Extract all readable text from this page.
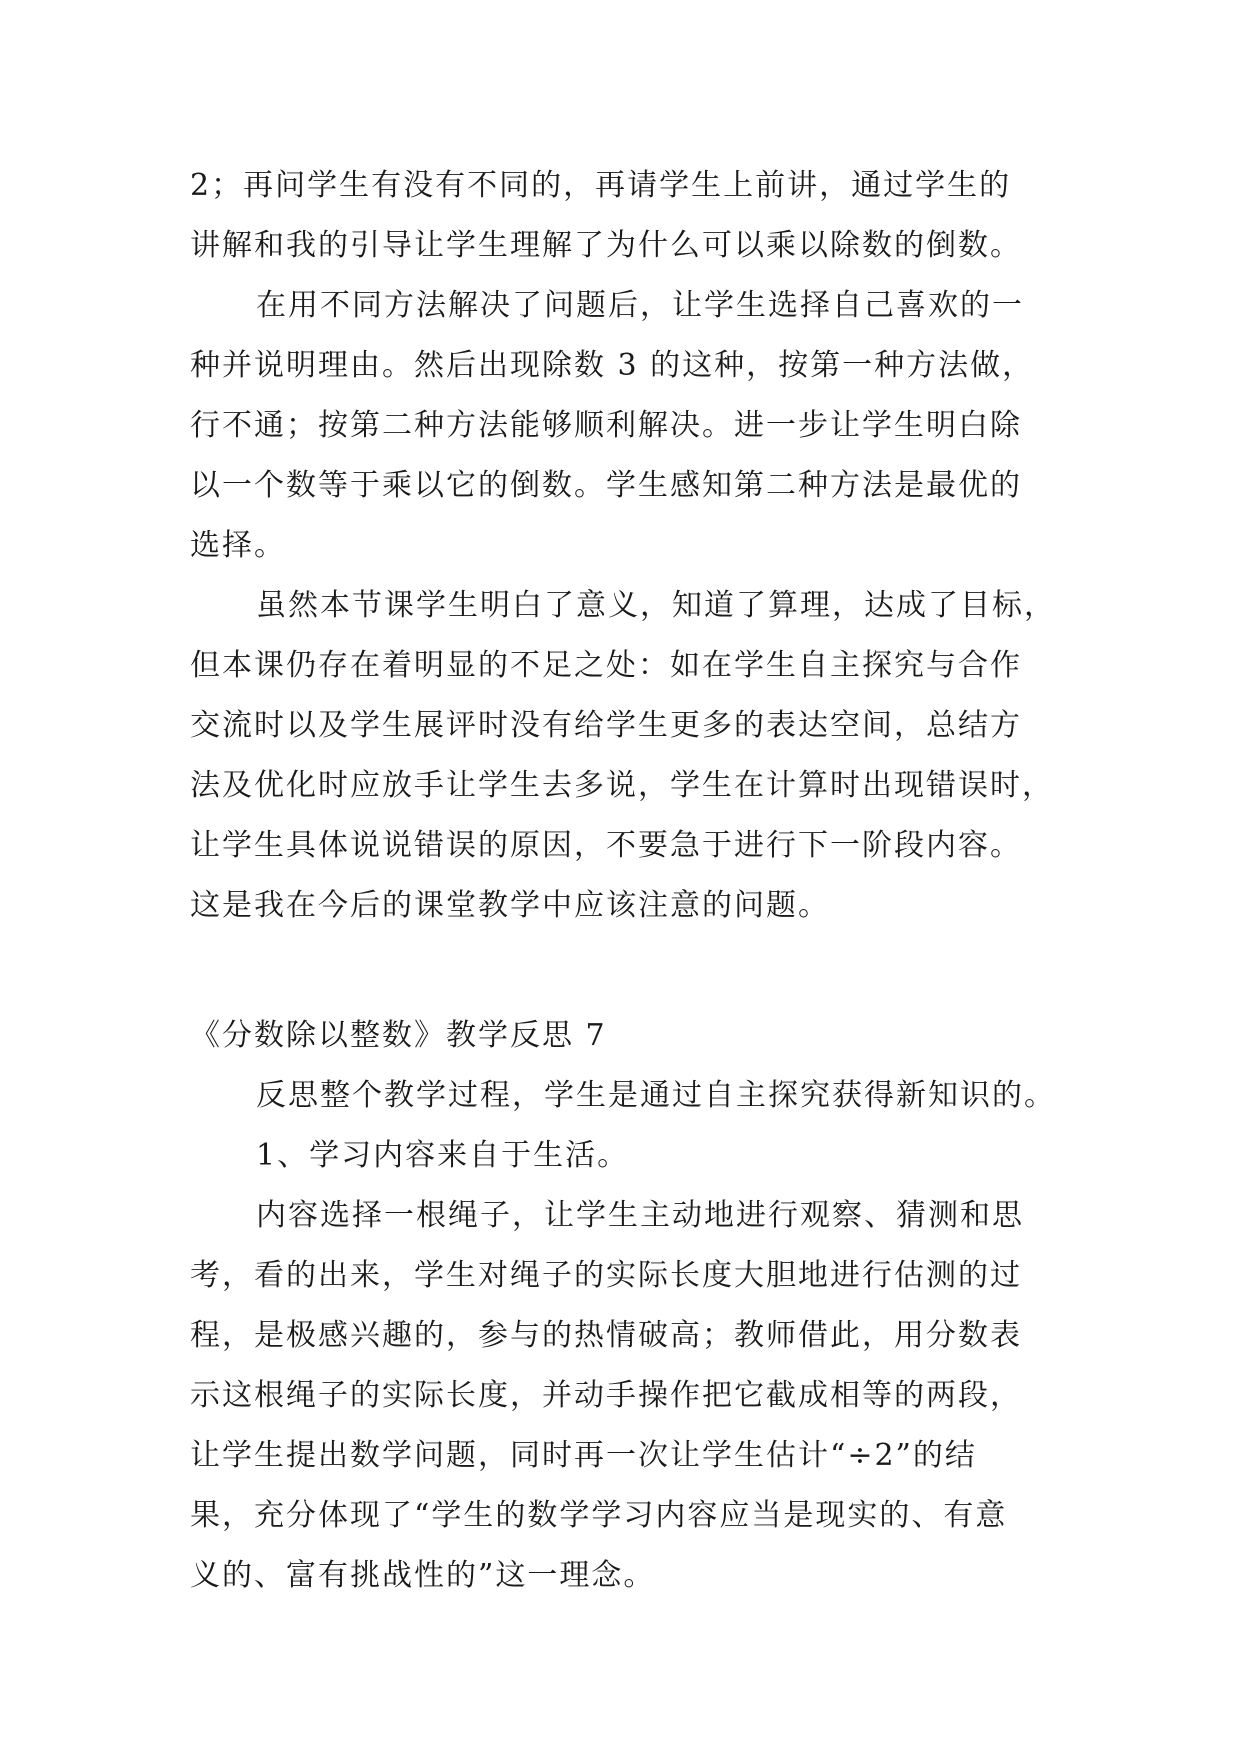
2；再问学生有没有不同的，再请学生上前讲，通过学生的
讲解和我的引导让学生理解了为什么可以乘以除数的倒数。
在用不同方法解决了问题后，让学生选择自己喜欢的一
种并说明理由。然后出现除数 3 的这种，按第一种方法做，
行不通；按第二种方法能够顺利解决。进一步让学生明白除
以一个数等于乘以它的倒数。学生感知第二种方法是最优的
选择。
虽然本节课学生明白了意义，知道了算理，达成了目标，
但本课仍存在着明显的不足之处：如在学生自主探究与合作
交流时以及学生展评时没有给学生更多的表达空间，总结方
法及优化时应放手让学生去多说，学生在计算时出现错误时，
让学生具体说说错误的原因，不要急于进行下一阶段内容。
这是我在今后的课堂教学中应该注意的问题。
《分数除以整数》教学反思 7
反思整个教学过程，学生是通过自主探究获得新知识的。
1、学习内容来自于生活。
内容选择一根绳子，让学生主动地进行观察、猜测和思
考，看的出来，学生对绳子的实际长度大胆地进行估测的过
程，是极感兴趣的，参与的热情破高；教师借此，用分数表
示这根绳子的实际长度，并动手操作把它截成相等的两段，
让学生提出数学问题，同时再一次让学生估计“÷2”的结
果，充分体现了“学生的数学学习内容应当是现实的、有意
义的、富有挑战性的”这一理念。
